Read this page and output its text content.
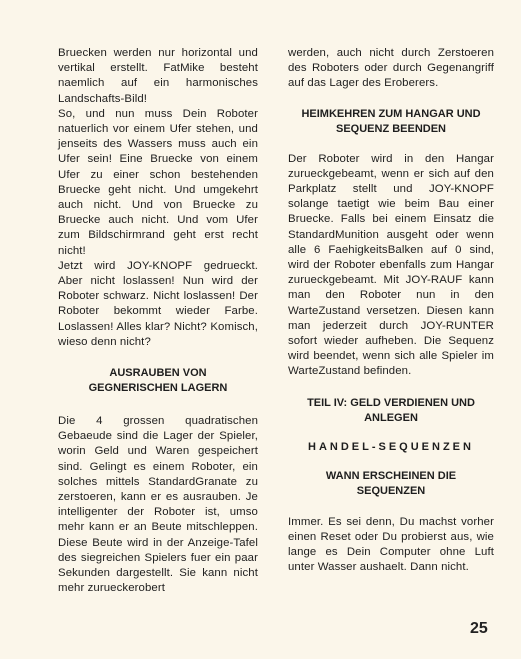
Bruecken werden nur horizontal und vertikal erstellt. FatMike besteht naemlich auf ein harmonisches Landschafts-Bild!

So, und nun muss Dein Roboter natuerlich vor einem Ufer stehen, und jenseits des Wassers muss auch ein Ufer sein! Eine Bruecke von einem Ufer zu einer schon bestehenden Bruecke geht nicht. Und umgekehrt auch nicht. Und von Bruecke zu Bruecke auch nicht. Und vom Ufer zum Bildschirmrand geht erst recht nicht!

Jetzt wird JOY-KNOPF gedrueckt. Aber nicht loslassen! Nun wird der Roboter schwarz. Nicht loslassen! Der Roboter bekommt wieder Farbe. Loslassen! Alles klar? Nicht? Komisch, wieso denn nicht?

AUSRAUBEN VON GEGNERISCHEN LAGERN

Die 4 grossen quadratischen Gebaeude sind die Lager der Spieler, worin Geld und Waren gespeichert sind. Gelingt es einem Roboter, ein solches mittels StandardGranate zu zerstoeren, kann er es ausrauben. Je intelligenter der Roboter ist, umso mehr kann er an Beute mitschleppen. Diese Beute wird in der Anzeige-Tafel des siegreichen Spielers fuer ein paar Sekunden dargestellt. Sie kann nicht mehr zurueckerobert

werden, auch nicht durch Zerstoeren des Roboters oder durch Gegenangriff auf das Lager des Eroberers.

HEIMKEHREN ZUM HANGAR UND SEQUENZ BEENDEN

Der Roboter wird in den Hangar zurueckgebeamt, wenn er sich auf den Parkplatz stellt und JOY-KNOPF solange taetigt wie beim Bau einer Bruecke. Falls bei einem Einsatz die StandardMunition ausgeht oder wenn alle 6 FaehigkeitsBalken auf 0 sind, wird der Roboter ebenfalls zum Hangar zurueckgebeamt. Mit JOY-RAUF kann man den Roboter nun in den WarteZustand versetzen. Diesen kann man jederzeit durch JOY-RUNTER sofort wieder aufheben. Die Sequenz wird beendet, wenn sich alle Spieler im WarteZustand befinden.

TEIL IV: GELD VERDIENEN UND ANLEGEN
HANDEL-SEQUENZEN
WANN ERSCHEINEN DIE SEQUENZEN

Immer. Es sei denn, Du machst vorher einen Reset oder Du probierst aus, wie lange es Dein Computer ohne Luft unter Wasser aushaelt. Dann nicht.

25
